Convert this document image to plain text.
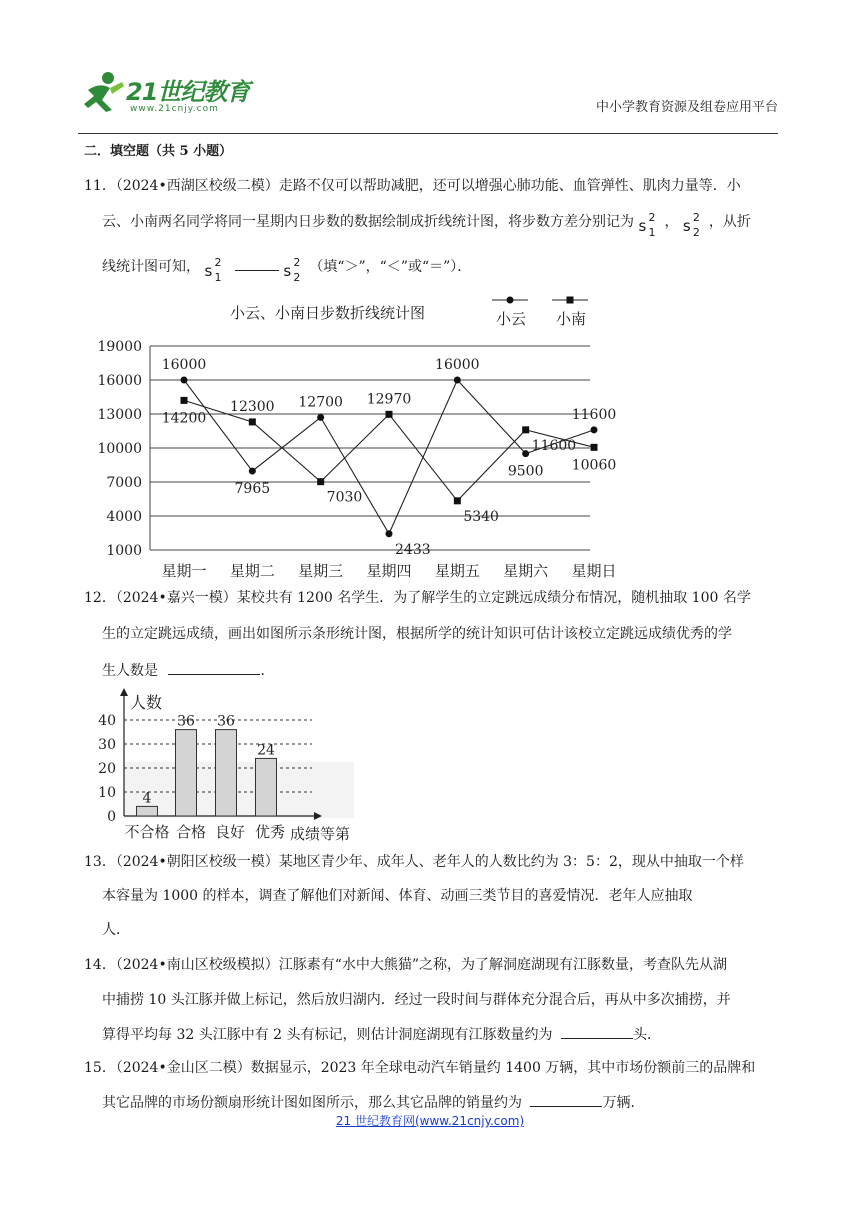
21世纪教育
www.21cnjy.com	中小学教育资源及组卷应用平台
二．填空题（共 5 小题）
11．（2024•西湖区校级二模）走路不仅可以帮助减肥，还可以增强心肺功能、血管弹性、肌肉力量等．小
云、小南两名同学将同一星期内日步数的数据绘制成折线统计图，将步数方差分别记为 s 2
1
， s 2
2
，从折
线统计图可知， s 2
1
	s 2
2
（填“＞”，“＜”或“＝”）．
小云、小南日步数折线统计图	小云 小南
1000
4000
7000
10000
13000
16000
19000
星期一 星期二 星期三 星期四 星期五 星期六 星期日
16000
7965
12700
2433
16000
9500
11600
14200
12300
7030
12970
5340
11600
10060
12．（2024•嘉兴一模）某校共有 1200 名学生．为了解学生的立定跳远成绩分布情况，随机抽取 100 名学
生的立定跳远成绩，画出如图所示条形统计图，根据所学的统计知识可估计该校立定跳远成绩优秀的学
生人数是	．
人数
0
10
20
30
40
4
36 36
24
不合格 合格 良好 优秀 成绩等第
13．（2024•朝阳区校级一模）某地区青少年、成年人、老年人的人数比约为 3：5：2，现从中抽取一个样
本容量为 1000 的样本，调查了解他们对新闻、体育、动画三类节目的喜爱情况．老年人应抽取
人．
14．（2024•南山区校级模拟）江豚素有“水中大熊猫”之称，为了解洞庭湖现有江豚数量，考查队先从湖
中捕捞 10 头江豚并做上标记，然后放归湖内．经过一段时间与群体充分混合后，再从中多次捕捞，并
算得平均每 32 头江豚中有 2 头有标记，则估计洞庭湖现有江豚数量约为	头．
15．（2024•金山区二模）数据显示，2023 年全球电动汽车销量约 1400 万辆，其中市场份额前三的品牌和
其它品牌的市场份额扇形统计图如图所示，那么其它品牌的销量约为	万辆．
21 世纪教育网(www.21cnjy.com)
